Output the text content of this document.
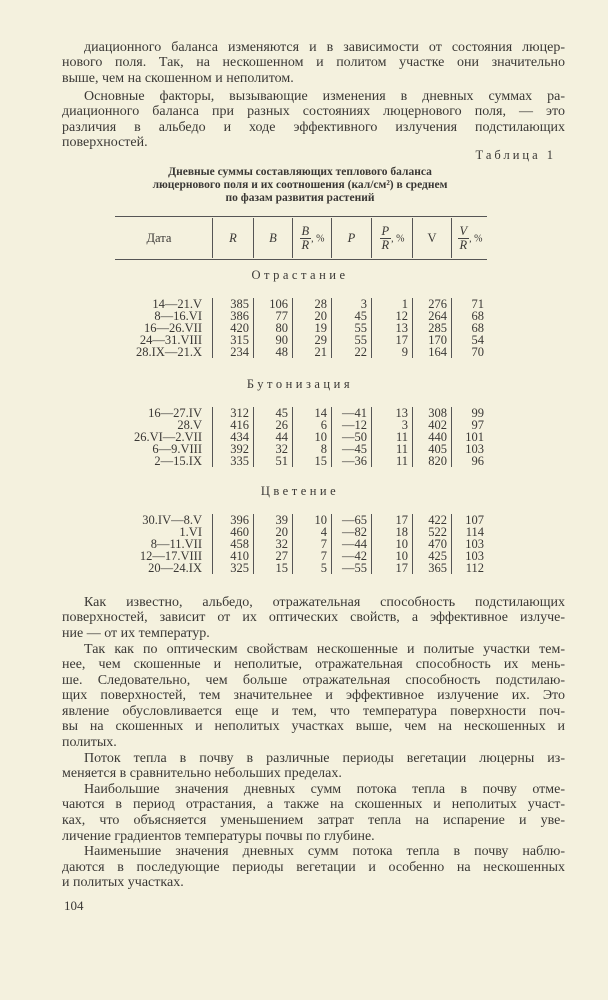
диационного баланса изменяются и в зависимости от состояния люцер-
нового поля. Так, на нескошенном и политом участке они значительно
выше, чем на скошенном и неполитом.
Основные факторы, вызывающие изменения в дневных суммах ра-
диационного баланса при разных состояниях люцернового поля, — это
различия в альбедо и ходе эффективного излучения подстилающих
поверхностей.
Как известно, альбедо, отражательная способность подстилающих
поверхностей, зависит от их оптических свойств, а эффективное излуче-
ние — от их температур.
Так как по оптическим свойствам нескошенные и политые участки тем-
нее, чем скошенные и неполитые, отражательная способность их мень-
ше. Следовательно, чем больше отражательная способность подстилаю-
щих поверхностей, тем значительнее и эффективное излучение их. Это
явление обусловливается еще и тем, что температура поверхности поч-
вы на скошенных и неполитых участках выше, чем на нескошенных и
политых.
Поток тепла в почву в различные периоды вегетации люцерны из-
меняется в сравнительно небольших пределах.
Наибольшие значения дневных сумм потока тепла в почву отме-
чаются в период отрастания, а также на скошенных и неполитых участ-
ках, что объясняется уменьшением затрат тепла на испарение и уве-
личение градиентов температуры почвы по глубине.
Наименьшие значения дневных сумм потока тепла в почву наблю-
даются в последующие периоды вегетации и особенно на нескошенных
и политых участках.
Таблица 1
Дневные суммы составляющих теплового баланса
люцернового поля и их соотношения (кал/см²) в среднем
по фазам развития растений
Дата	R	B	$\frac{B}{R}$ , %	P	$\frac{P}{R}$ , %	V	$\frac{V}{R}$ , %
Отрастание
14—21.V	385	106	28	3	1	276	71
8—16.VI	386	77	20	45	12	264	68
16—26.VII	420	80	19	55	13	285	68
24—31.VIII	315	90	29	55	17	170	54
28.IX—21.X	234	48	21	22	9	164	70
Бутонизация
16—27.IV	312	45	14	—41	13	308	99
28.V	416	26	6	—12	3	402	97
26.VI—2.VII	434	44	10	—50	11	440	101
6—9.VIII	392	32	8	—45	11	405	103
2—15.IX	335	51	15	—36	11	820	96
Цветение
30.IV—8.V	396	39	10	—65	17	422	107
1.VI	460	20	4	—82	18	522	114
8—11.VII	458	32	7	—44	10	470	103
12—17.VIII	410	27	7	—42	10	425	103
20—24.IX	325	15	5	—55	17	365	112
104
